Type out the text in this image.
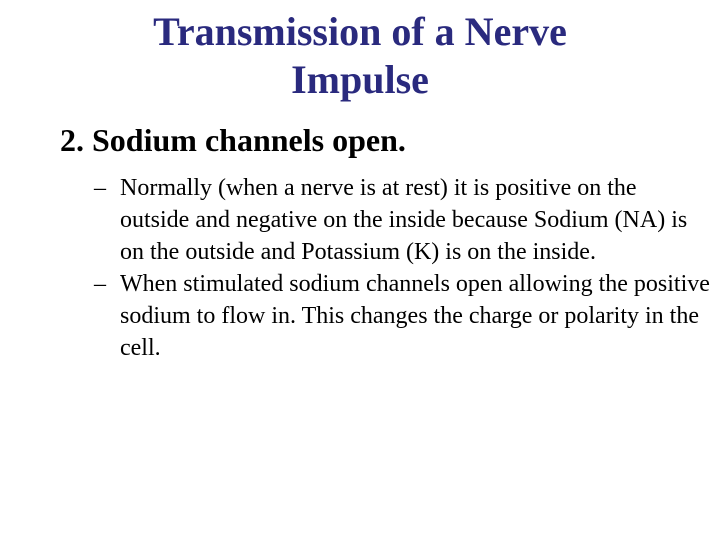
Transmission of a Nerve
Impulse
2. Sodium channels open.
– Normally (when a nerve is at rest) it is positive on the outside and negative on the inside because Sodium (NA) is on the outside and Potassium (K) is on the inside.
– When stimulated sodium channels open allowing the positive sodium to flow in. This changes the charge or polarity in the cell.
